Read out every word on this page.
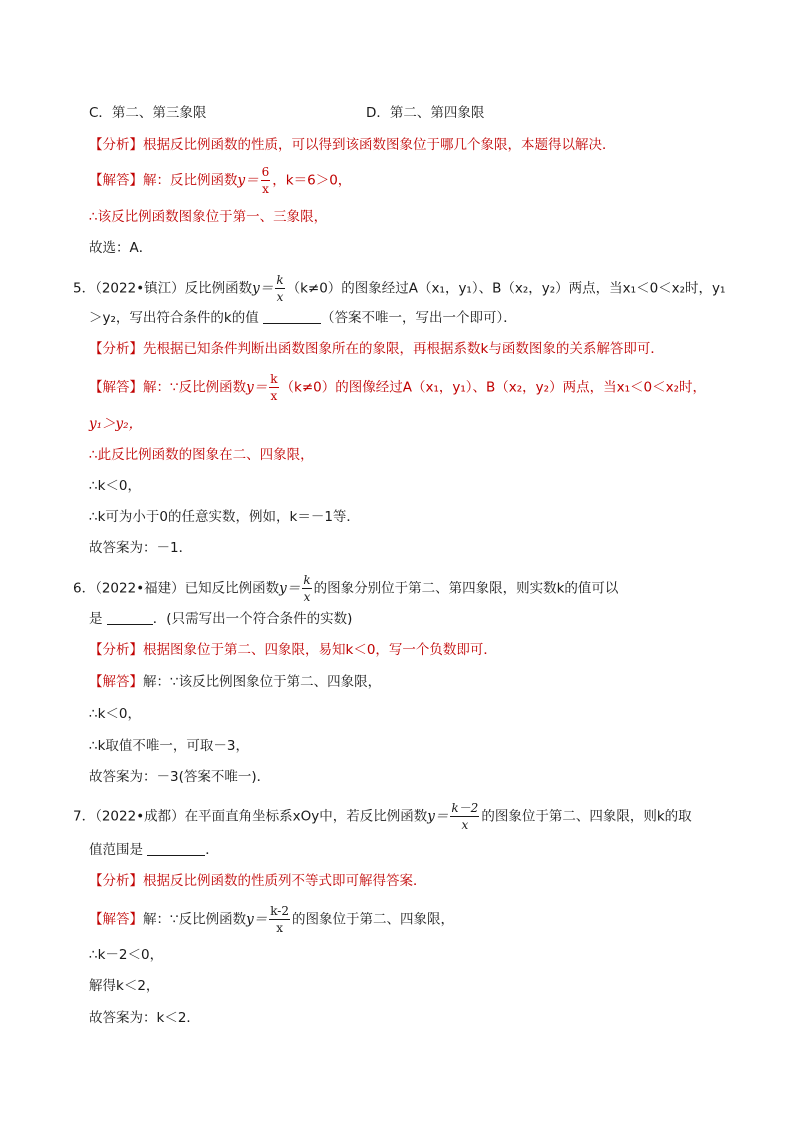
C．第二、第三象限	D．第二、第四象限
【分析】根据反比例函数的性质，可以得到该函数图象位于哪几个象限，本题得以解决．
【解答】解：反比例函数$y= \frac{6}{x}$ ，k＝6＞0，
∴该反比例函数图象位于第一、三象限，
故选：A．
5．（2022•镇江）反比例函数$y= \frac{k}{x} (k\ne 0)$的图象经过A（x₁，y₁）、B（x₂，y₂）两点，当x₁＜0＜x₂时，y₁
＞y₂，写出符合条件的k的值	（答案不唯一，写出一个即可）．
【分析】先根据已知条件判断出函数图象所在的象限，再根据系数k与函数图象的关系解答即可．
【解答】解：∵反比例函数$y= \frac{k}{x} (k\ne 0)$的图像经过A（x₁，y₁）、B（x₂，y₂）两点，当x₁＜0＜x₂时，
y₁＞y₂，
∴此反比例函数的图象在二、四象限，
∴k＜0，
∴k可为小于0的任意实数，例如，k＝－1等．
故答案为：－1．
6．（2022•福建）已知反比例函数$y= \frac{k}{x}$ 的图象分别位于第二、第四象限，则实数k的值可以
是	．(只需写出一个符合条件的实数)
【分析】根据图象位于第二、四象限，易知k＜0，写一个负数即可．
【解答】解：∵该反比例图象位于第二、四象限，
∴k＜0，
∴k取值不唯一，可取－3，
故答案为：－3(答案不唯一)．
7．（2022•成都）在平面直角坐标系xOy中，若反比例函数$y= \frac{k-2}{x}$ 的图象位于第二、四象限，则k的取
值范围是	．
【分析】根据反比例函数的性质列不等式即可解得答案．
【解答】解：∵反比例函数$y= \frac{k-2}{x}$ 的图象位于第二、四象限，
∴k－2＜0，
解得k＜2，
故答案为：k＜2．
